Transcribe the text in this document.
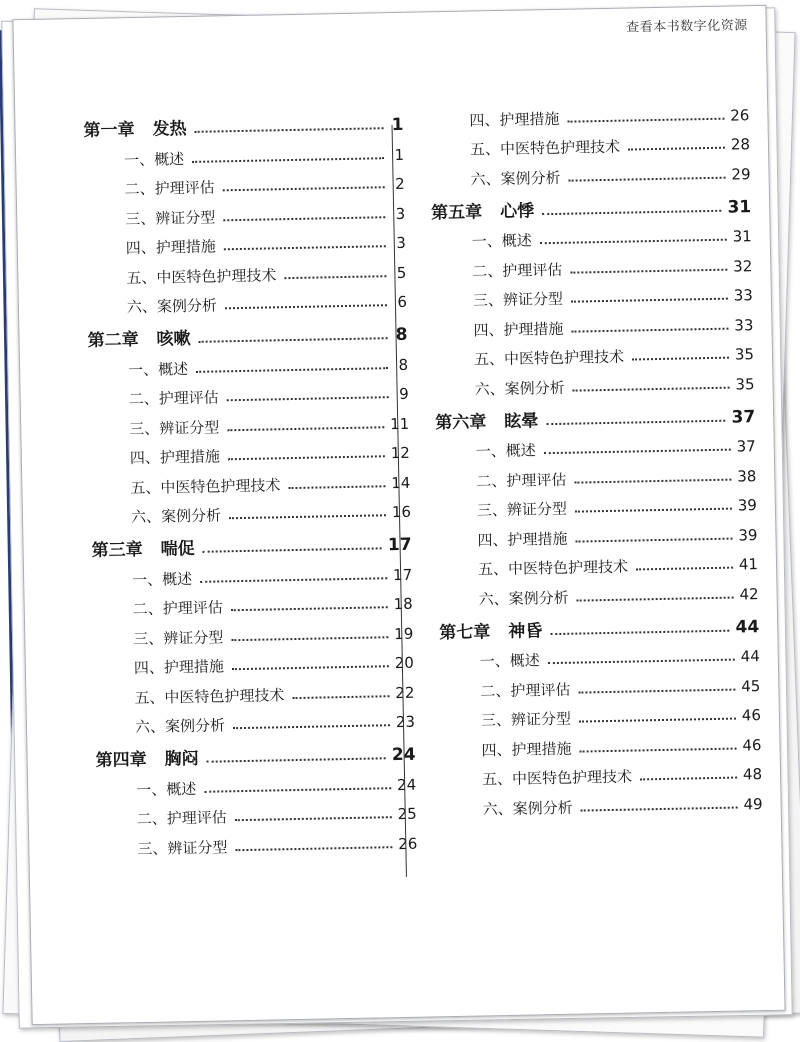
查看本书数字化资源
第一章 发热	1
一、概述	1
二、护理评估	2
三、辨证分型	3
四、护理措施	3
五、中医特色护理技术	5
六、案例分析	6
第二章 咳嗽	8
一、概述	8
二、护理评估	9
三、辨证分型	11
四、护理措施	12
五、中医特色护理技术	14
六、案例分析	16
第三章 喘促	17
一、概述	17
二、护理评估	18
三、辨证分型	19
四、护理措施	20
五、中医特色护理技术	22
六、案例分析	23
第四章 胸闷	24
一、概述	24
二、护理评估	25
三、辨证分型	26
四、护理措施	26
五、中医特色护理技术	28
六、案例分析	29
第五章 心悸	31
一、概述	31
二、护理评估	32
三、辨证分型	33
四、护理措施	33
五、中医特色护理技术	35
六、案例分析	35
第六章 眩晕	37
一、概述	37
二、护理评估	38
三、辨证分型	39
四、护理措施	39
五、中医特色护理技术	41
六、案例分析	42
第七章 神昏	44
一、概述	44
二、护理评估	45
三、辨证分型	46
四、护理措施	46
五、中医特色护理技术	48
六、案例分析	49
